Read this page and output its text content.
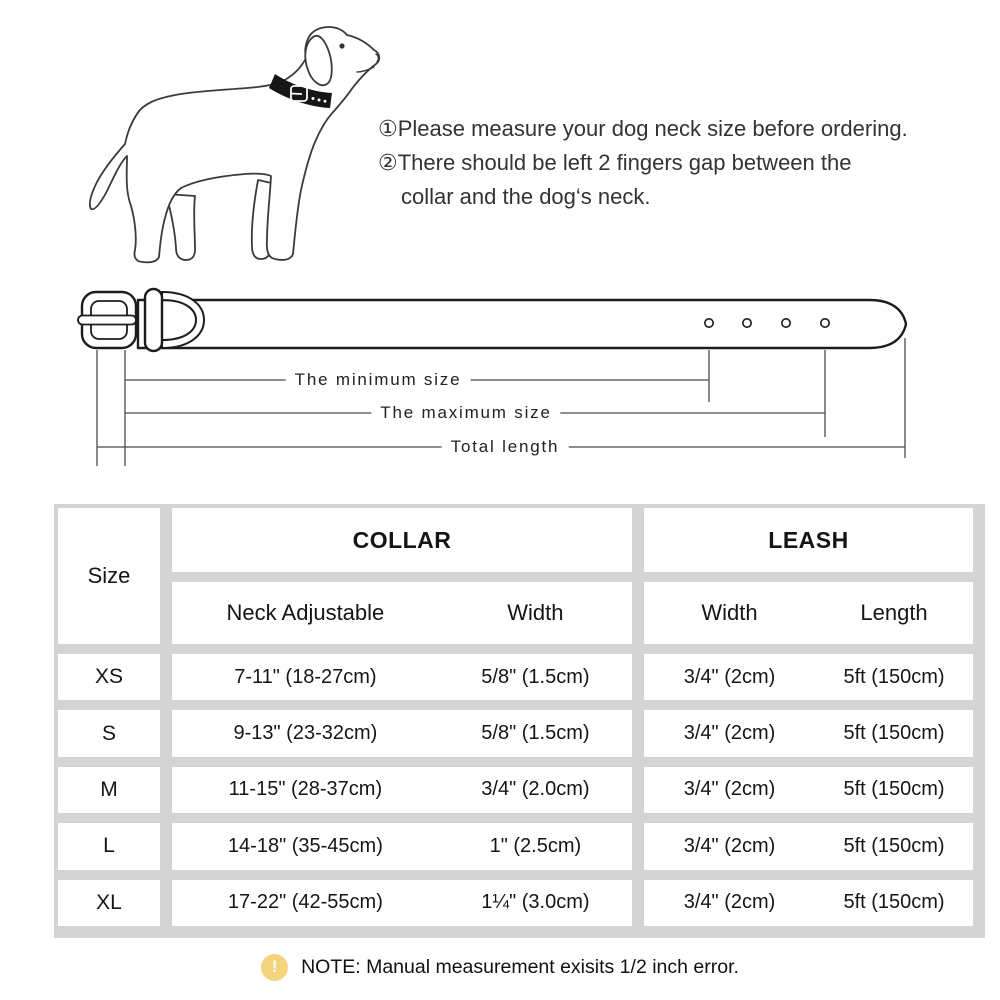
①Please measure your dog neck size before ordering.
②There should be left 2 fingers gap between the
collar and the dog‘s neck.
The minimum size
The maximum size
Total length
Size
COLLAR	LEASH
Neck Adjustable	Width	Width	Length
XS	7-11" (18-27cm)	5/8" (1.5cm)	3/4" (2cm)	5ft (150cm)
S	9-13" (23-32cm)	5/8" (1.5cm)	3/4" (2cm)	5ft (150cm)
M	11-15" (28-37cm)	3/4" (2.0cm)	3/4" (2cm)	5ft (150cm)
L	14-18" (35-45cm)	1" (2.5cm)	3/4" (2cm)	5ft (150cm)
XL	17-22" (42-55cm)	1¼" (3.0cm)	3/4" (2cm)	5ft (150cm)
!	NOTE: Manual measurement exisits 1/2 inch error.
